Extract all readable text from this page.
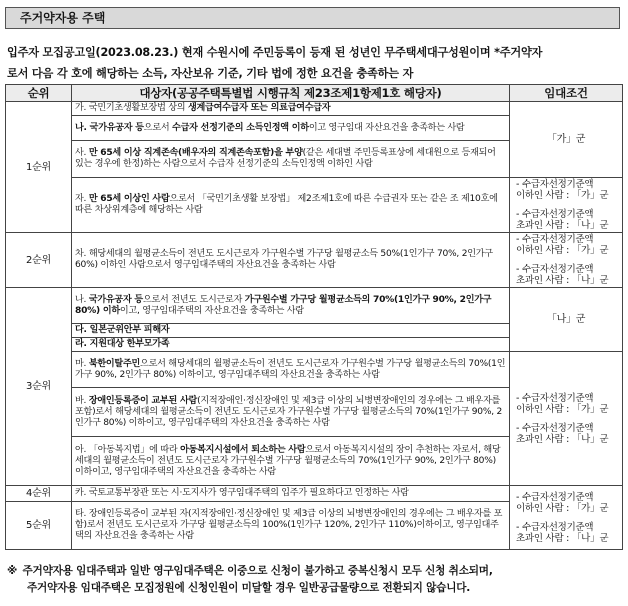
주거약자용 주택
입주자 모집공고일(2023.08.23.) 현재 수원시에 주민등록이 등재 된 성년인 무주택세대구성원이며 *주거약자
로서 다음 각 호에 해당하는 소득, 자산보유 기준, 기타 법에 정한 요건을 충족하는 자
순위	대상자(공공주택특별법 시행규칙 제23조제1항제1호 해당자)	임대조건
1순위	가. 국민기초생활보장법 상의 생계급여수급자 또는 의료급여수급자	「가」군
	나. 국가유공자 등으로서 수급자 선정기준의 소득인정액 이하이고 영구임대 자산요건을 충족하는 사람	
	사. 만 65세 이상 직계존속(배우자의 직계존속포함)을 부양(같은 세대별 주민등록표상에 세대원으로 등재되어 있는 경우에 한정)하는 사람으로서 수급자 선정기준의 소득인정액 이하인 사람	
	자. 만 65세 이상인 사람으로서 「국민기초생활 보장법」 제2조제1호에 따른 수급권자 또는 같은 조 제10호에 따른 차상위계층에 해당하는 사람	- 수급자선정기준액
이하인 사람 : 「가」군
- 수급자선정기준액
초과인 사람 : 「나」군

2순위	차. 해당세대의 월평균소득이 전년도 도시근로자 가구원수별 가구당 월평균소득 50%(1인가구 70%, 2인가구 60%) 이하인 사람으로서 영구임대주택의 자산요건을 충족하는 사람	- 수급자선정기준액
이하인 사람 : 「가」군
- 수급자선정기준액
초과인 사람 : 「나」군

3순위	나. 국가유공자 등으로서 전년도 도시근로자 가구원수별 가구당 월평균소득의 70%(1인가구 90%, 2인가구 80%) 이하이고, 영구임대주택의 자산요건을 충족하는 사람	「나」군
	다. 일본군위안부 피해자	
	라. 지원대상 한부모가족	
	마. 북한이탈주민으로서 해당세대의 월평균소득이 전년도 도시근로자 가구원수별 가구당 월평균소득의 70%(1인가구 90%, 2인가구 80%) 이하이고, 영구임대주택의 자산요건을 충족하는 사람	- 수급자선정기준액
이하인 사람 : 「가」군
- 수급자선정기준액
초과인 사람 : 「나」군

	바. 장애인등록증이 교부된 사람(지적장애인·정신장애인 및 제3급 이상의 뇌병변장애인의 경우에는 그 배우자를 포함)로서 해당세대의 월평균소득이 전년도 도시근로자 가구원수별 가구당 월평균소득의 70%(1인가구 90%, 2인가구 80%) 이하이고, 영구임대주택의 자산요건을 충족하는 사람	
	아. 「아동복지법」에 따라 아동복지시설에서 퇴소하는 사람으로서 아동복지시설의 장이 추천하는 자로서, 해당세대의 월평균소득이 전년도 도시근로자 가구원수별 가구당 월평균소득의 70%(1인가구 90%, 2인가구 80%) 이하이고, 영구임대주택의 자산요건을 충족하는 사람	
4순위	카. 국토교통부장관 또는 시·도지사가 영구임대주택의 입주가 필요하다고 인정하는 사람	- 수급자선정기준액
이하인 사람 : 「가」군
- 수급자선정기준액
초과인 사람 : 「나」군

5순위	타. 장애인등록증이 교부된 자(지적장애인·정신장애인 및 제3급 이상의 뇌병변장애인의 경우에는 그 배우자를 포함)로서 전년도 도시근로자 가구당 월평균소득의 100%(1인가구 120%, 2인가구 110%)이하이고, 영구임대주택의 자산요건을 충족하는 사람	
※ 주거약자용 임대주택과 일반 영구임대주택은 이중으로 신청이 불가하고 중복신청시 모두 신청 취소되며,
주거약자용 임대주택은 모집정원에 신청인원이 미달할 경우 일반공급물량으로 전환되지 않습니다.
